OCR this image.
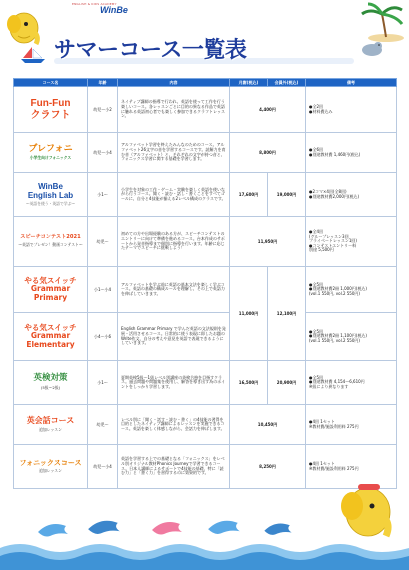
ENGLISH & KIDS ACADEMY
WinBe
サマーコース一覧表
コース名	年齢	内容	月謝(税込)	会員外(税込)	備考

Fun-Fun
クラフト	幼児〜小2	ネイティブ講師の指導で行われ、英語を使って工作を行う楽しいコース。各レッスンごとに目的の異なる作品で英語に触れる英語初心者でも楽しく参加できるクラフトレッスン。	4,400円		●全2回
●材料費込み

ブレフォニ
小学生向けフォニックス	幼児〜小4	アルファベット学習を終えたみんなのためのコース。アルファベット26文字の音を学習するコースです。読解力を育む音（アルファベット）と、それぞれの文字が持つ音と、フォニックス学習に関する基礎を学習します。	8,800円		●全6回
●別途教材費 1,460円(税込)

WinBe
English Lab
〜英語を使う・英語で学ぶ〜	小1〜	小学生を対象の工作・ゲーム・実験を楽しく英語を使いながら行うコース。聞く・読む・話し・書くことをすべてゴールに、自分と4技能が揃える2レベル構成のクラスです。	17,600円	19,000円	●2コマ×4回(全8回)
●別途教材費2,000円(税込)

スピーチコンテスト2021
〜英語でプレゼン！動画コンテスト〜	幼児〜	初めての方や出場経験のある方が、スピーチコンテストのエントリーに向けて準備を進めるコース。台本作成のサポートから発音指導まで個別に指導を行います。年齢に応じたテーマでスピーチに挑戦しよう！	11,950円		●全4回
(グループレッスン3回
プライベートレッスン1回)
●コンテストエントリー料
別途 5,500円

やる気スイッチ
Grammar
Primary	小1〜小4	アルファベットを学ぶ前に英語の基本文法を楽しく学ぶコース。英語の基礎の構成ルールを理解し、その上で英語力を伸ばしていきます。	11,000円	12,100円	●全5回
●別途教材費2冊 1,000円(税込)
(vol.1 550円, vol.2 550円)

やる気スイッチ
Grammar
Elementary	小4〜小6	English Grammar Primary で学んだ英語の文法規則を発展・活用させるコース。日常的に使う表現に即したお題のWrite作文、自分の考えや意見を英語で表現できるようにしていきます。			●全5回
●別途教材費2冊 1,100円(税込)
(vol.1 550円, vol.2 550円)

英検対策
(5級〜2級)	小1〜	夏期英検5級〜1級レベル別講座の英検合格を目指すクラス。過去問題や問題集を使用し、解答を導き出す為のポイントをしっかり学習します。	16,500円	20,900円	●全5回
●別途教材費 4,154〜6,610円
※級により異なります

英会話コース
追加レッスン	幼児〜	レベル別に「聞く・話す・読む・書く」の4技能の習得を目的としたネイティブ講師によるレッスンを実施できるコース。英語を楽しく体感しながら、会話力を伸ばします。	10,450円		●4回 1セット
※教材費/施設利用料 275円

フォニックスコース
追加レッスン	幼児〜小4	英語を学習する上での基礎となる「フォニックス」をレベル別オリジナル教材Phonics Journeyで学習できるコース。日本人講師によるサポートで4技能の基礎、特に「読む力」と「書く力」を習得するのに効果的です。	8,250円		●4回 1セット
※教材費/施設利用料 275円
